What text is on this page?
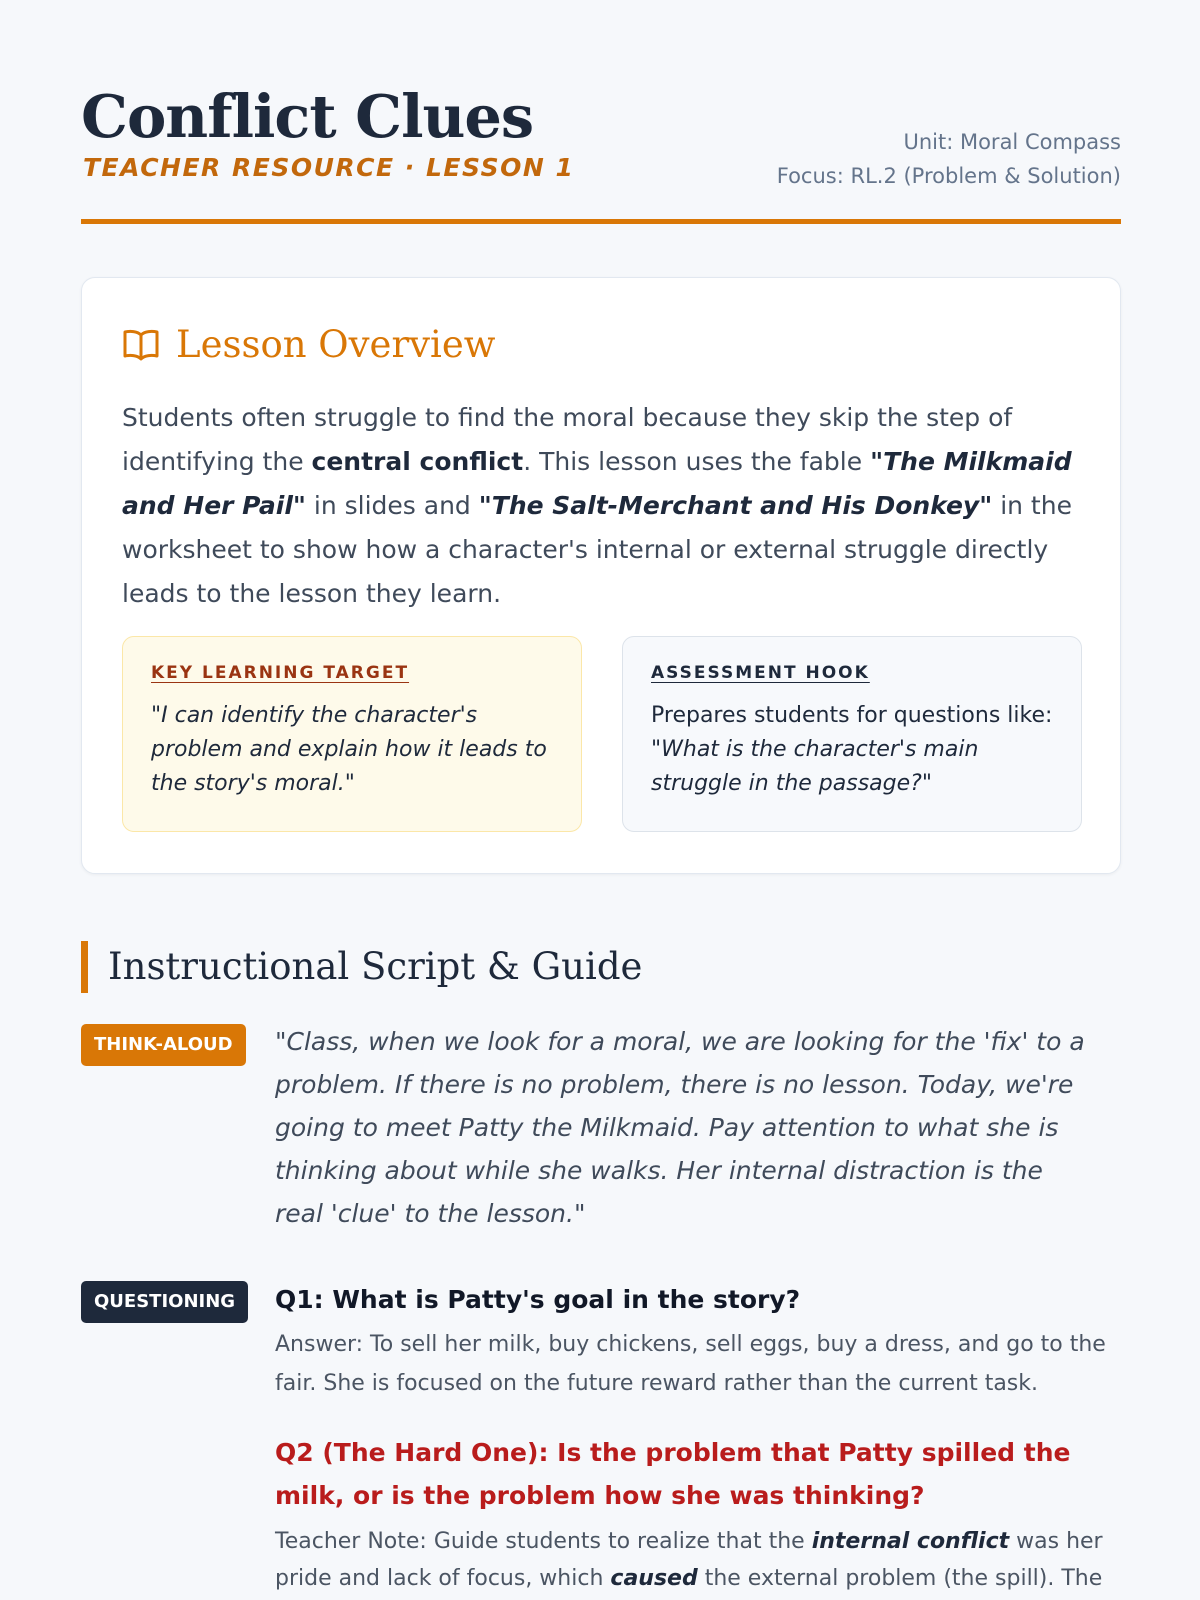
Conflict Clues
TEACHER RESOURCE · LESSON 1
Unit: Moral Compass
Focus: RL.2 (Problem & Solution)
Lesson Overview

Students often struggle to find the moral because they skip the step of identifying the central conflict. This lesson uses the fable "The Milkmaid and Her Pail" in slides and "The Salt-Merchant and His Donkey" in the worksheet to show how a character's internal or external struggle directly leads to the lesson they learn.

KEY LEARNING TARGET
"I can identify the character's problem and explain how it leads to the story's moral."
ASSESSMENT HOOK
Prepares students for questions like:
"What is the character's main struggle in the passage?"
Instructional Script & Guide
THINK-ALOUD	"Class, when we look for a moral, we are looking for the 'fix' to a problem. If there is no problem, there is no lesson. Today, we're going to meet Patty the Milkmaid. Pay attention to what she is thinking about while she walks. Her internal distraction is the real 'clue' to the lesson."

QUESTIONING	Q1: What is Patty's goal in the story?

Answer: To sell her milk, buy chickens, sell eggs, buy a dress, and go to the fair. She is focused on the future reward rather than the current task.

Q2 (The Hard One): Is the problem that Patty spilled the milk, or is the problem how she was thinking?

Teacher Note: Guide students to realize that the internal conflict was her pride and lack of focus, which caused the external problem (the spill). The
